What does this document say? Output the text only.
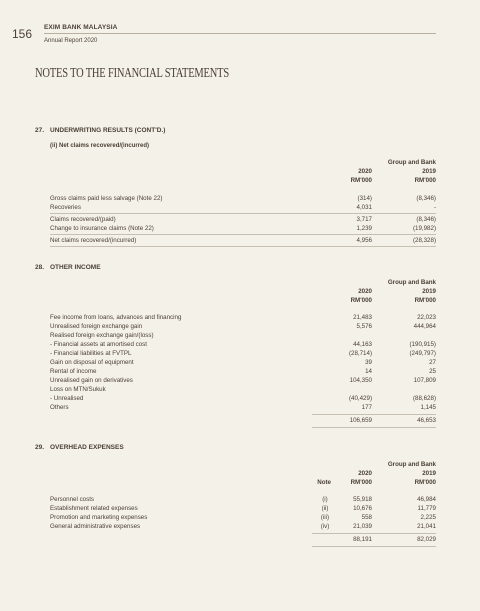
156 EXIM BANK MALAYSIA
Annual Report 2020
NOTES TO THE FINANCIAL STATEMENTS
27. UNDERWRITING RESULTS (CONT'D.)
(ii) Net claims recovered/(incurred)
Group and Bank
2020	2019
RM'000	RM'000
Gross claims paid less salvage (Note 22)	(314)	(8,346)
Recoveries	4,031	-
Claims recovered/(paid)	3,717	(8,346)
Change to insurance claims (Note 22)	1,239	(19,982)
Net claims recovered/(incurred)	4,956	(28,328)
28. OTHER INCOME
Group and Bank
2020	2019
RM'000	RM'000
Fee income from loans, advances and financing	21,483	22,023
Unrealised foreign exchange gain	5,576	444,964
Realised foreign exchange gain/(loss)
- Financial assets at amortised cost	44,163	(190,915)
- Financial liabilities at FVTPL	(28,714)	(249,797)
Gain on disposal of equipment	39	27
Rental of income	14	25
Unrealised gain on derivatives	104,350	107,809
Loss on MTN/Sukuk
- Unrealised	(40,429)	(88,628)
Others	177	1,145
106,659	46,653
29. OVERHEAD EXPENSES
Group and Bank
2020	2019
Note	RM'000	RM'000
Personnel costs	(i)	55,918	46,984
Establishment related expenses	(ii)	10,676	11,779
Promotion and marketing expenses	(iii)	558	2,225
General administrative expenses	(iv)	21,039	21,041
88,191	82,029
